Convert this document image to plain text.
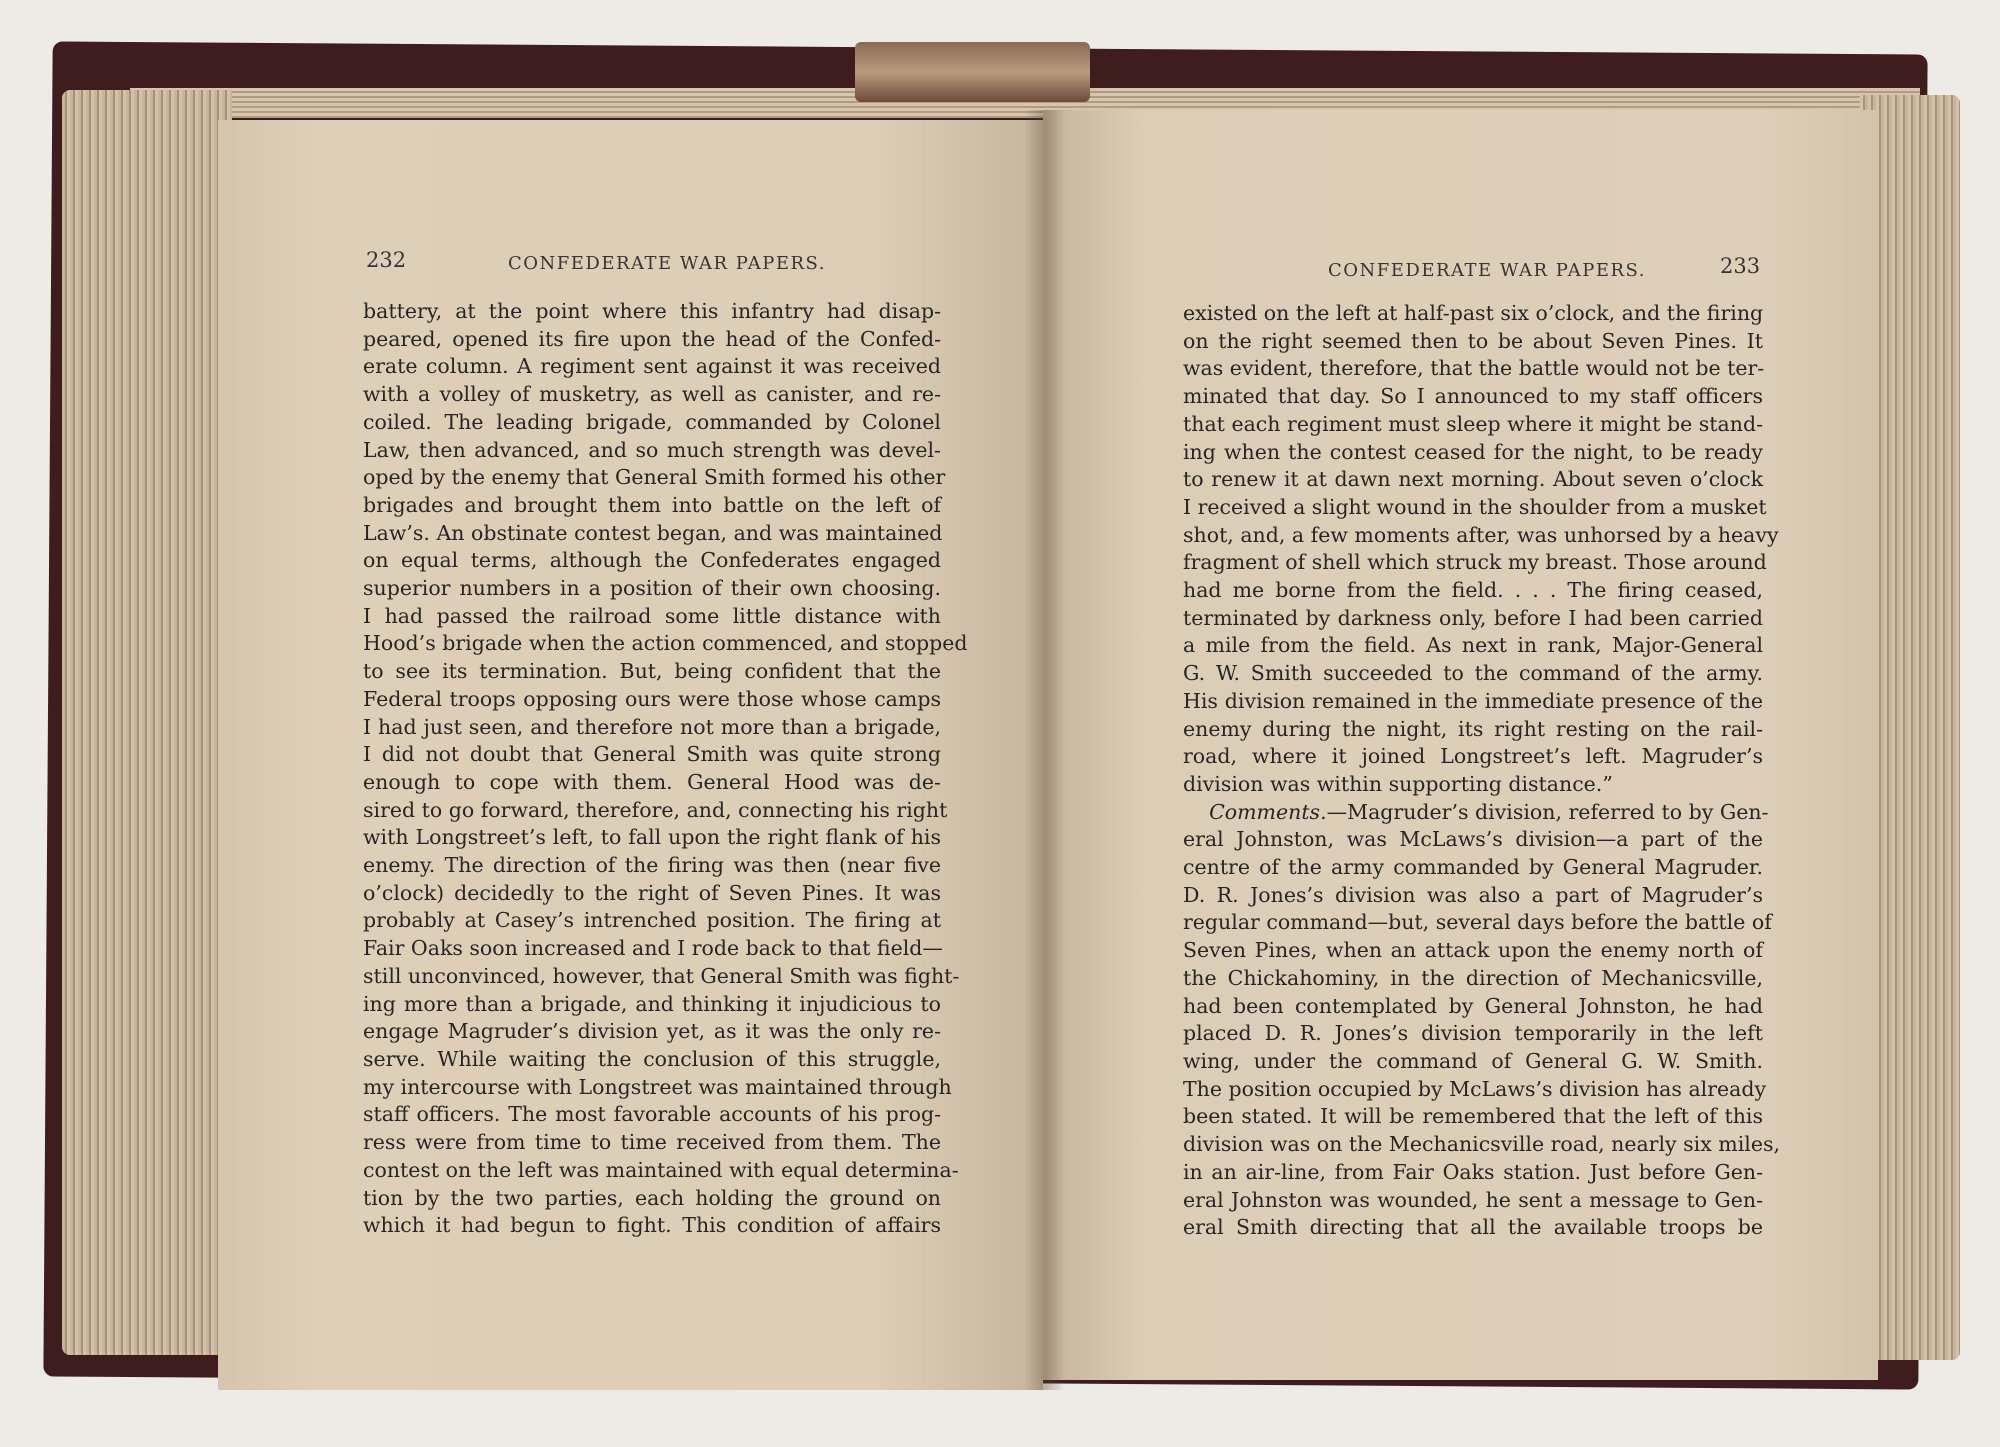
232	CONFEDERATE WAR PAPERS.
battery, at the point where this infantry had disap-
peared, opened its fire upon the head of the Confed-
erate column. A regiment sent against it was received
with a volley of musketry, as well as canister, and re-
coiled. The leading brigade, commanded by Colonel
Law, then advanced, and so much strength was devel-
oped by the enemy that General Smith formed his other
brigades and brought them into battle on the left of
Law’s. An obstinate contest began, and was maintained
on equal terms, although the Confederates engaged
superior numbers in a position of their own choosing.
I had passed the railroad some little distance with
Hood’s brigade when the action commenced, and stopped
to see its termination. But, being confident that the
Federal troops opposing ours were those whose camps
I had just seen, and therefore not more than a brigade,
I did not doubt that General Smith was quite strong
enough to cope with them. General Hood was de-
sired to go forward, therefore, and, connecting his right
with Longstreet’s left, to fall upon the right flank of his
enemy. The direction of the firing was then (near five
o’clock) decidedly to the right of Seven Pines. It was
probably at Casey’s intrenched position. The firing at
Fair Oaks soon increased and I rode back to that field—
still unconvinced, however, that General Smith was fight-
ing more than a brigade, and thinking it injudicious to
engage Magruder’s division yet, as it was the only re-
serve. While waiting the conclusion of this struggle,
my intercourse with Longstreet was maintained through
staff officers. The most favorable accounts of his prog-
ress were from time to time received from them. The
contest on the left was maintained with equal determina-
tion by the two parties, each holding the ground on
which it had begun to fight. This condition of affairs
CONFEDERATE WAR PAPERS.	233
existed on the left at half-past six o’clock, and the firing
on the right seemed then to be about Seven Pines. It
was evident, therefore, that the battle would not be ter-
minated that day. So I announced to my staff officers
that each regiment must sleep where it might be stand-
ing when the contest ceased for the night, to be ready
to renew it at dawn next morning. About seven o’clock
I received a slight wound in the shoulder from a musket
shot, and, a few moments after, was unhorsed by a heavy
fragment of shell which struck my breast. Those around
had me borne from the field. . . . The firing ceased,
terminated by darkness only, before I had been carried
a mile from the field. As next in rank, Major-General
G. W. Smith succeeded to the command of the army.
His division remained in the immediate presence of the
enemy during the night, its right resting on the rail-
road, where it joined Longstreet’s left. Magruder’s
division was within supporting distance.”
Comments.—Magruder’s division, referred to by Gen-
eral Johnston, was McLaws’s division—a part of the
centre of the army commanded by General Magruder.
D. R. Jones’s division was also a part of Magruder’s
regular command—but, several days before the battle of
Seven Pines, when an attack upon the enemy north of
the Chickahominy, in the direction of Mechanicsville,
had been contemplated by General Johnston, he had
placed D. R. Jones’s division temporarily in the left
wing, under the command of General G. W. Smith.
The position occupied by McLaws’s division has already
been stated. It will be remembered that the left of this
division was on the Mechanicsville road, nearly six miles,
in an air-line, from Fair Oaks station. Just before Gen-
eral Johnston was wounded, he sent a message to Gen-
eral Smith directing that all the available troops be
